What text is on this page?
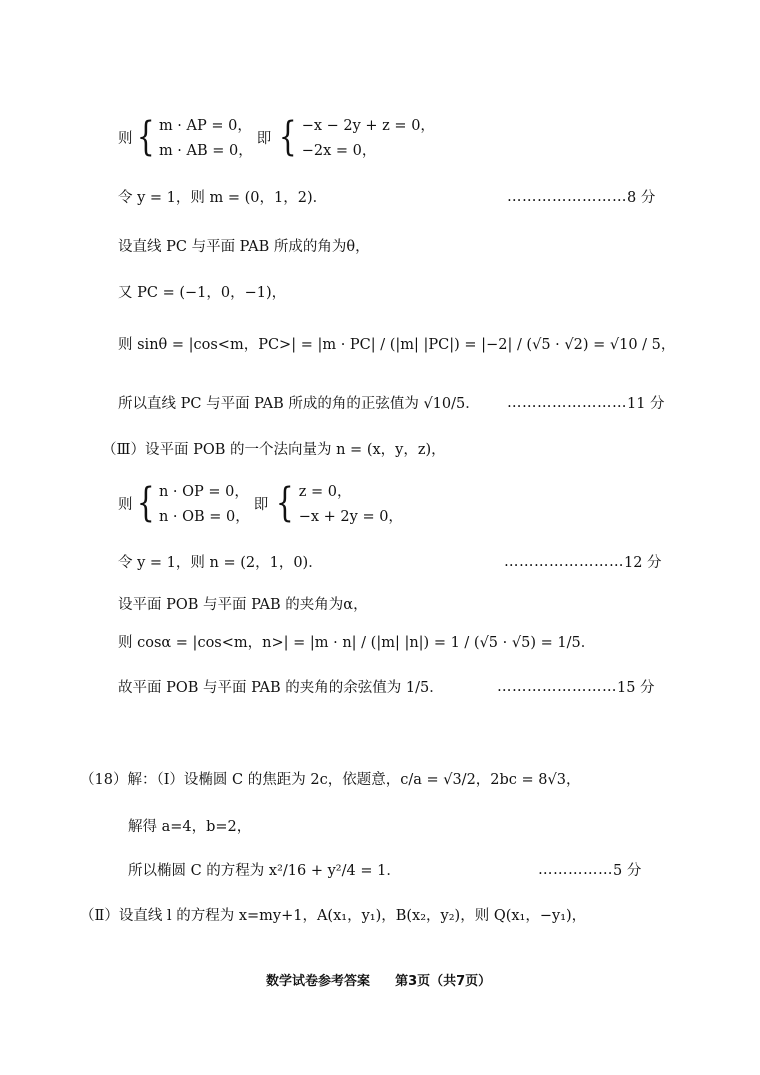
则 { m · AP = 0，
m · AB = 0，
即 { −x − 2y + z = 0，
−2x = 0，
令 y = 1，则 m = (0，1，2)．	…………………… 8 分
设直线 PC 与平面 PAB 所成的角为θ，
又 PC = (−1，0，−1)，
则 sinθ = |cos<m，PC>| = |m · PC| / (|m| |PC|) = |−2| / (√5 · √2) = √10 / 5，
所以直线 PC 与平面 PAB 所成的角的正弦值为 √10/5． …………………… 11 分
（Ⅲ）设平面 POB 的一个法向量为 n = (x，y，z)，
则 { n · OP = 0，
n · OB = 0，
即 { z = 0，
−x + 2y = 0，
令 y = 1，则 n = (2，1，0)．	…………………… 12 分
设平面 POB 与平面 PAB 的夹角为α，
则 cosα = |cos<m，n>| = |m · n| / (|m| |n|) = 1 / (√5 · √5) = 1/5．
故平面 POB 与平面 PAB 的夹角的余弦值为 1/5．	…………………… 15 分
（18）解：（Ⅰ）设椭圆 C 的焦距为 2c，依题意，c/a = √3/2，2bc = 8√3，
解得 a=4，b=2，
所以椭圆 C 的方程为 x²/16 + y²/4 = 1．	…………… 5 分
（Ⅱ）设直线 l 的方程为 x=my+1，A(x₁，y₁)，B(x₂，y₂)，则 Q(x₁，−y₁)，
数学试卷参考答案 第3页（共7页）
